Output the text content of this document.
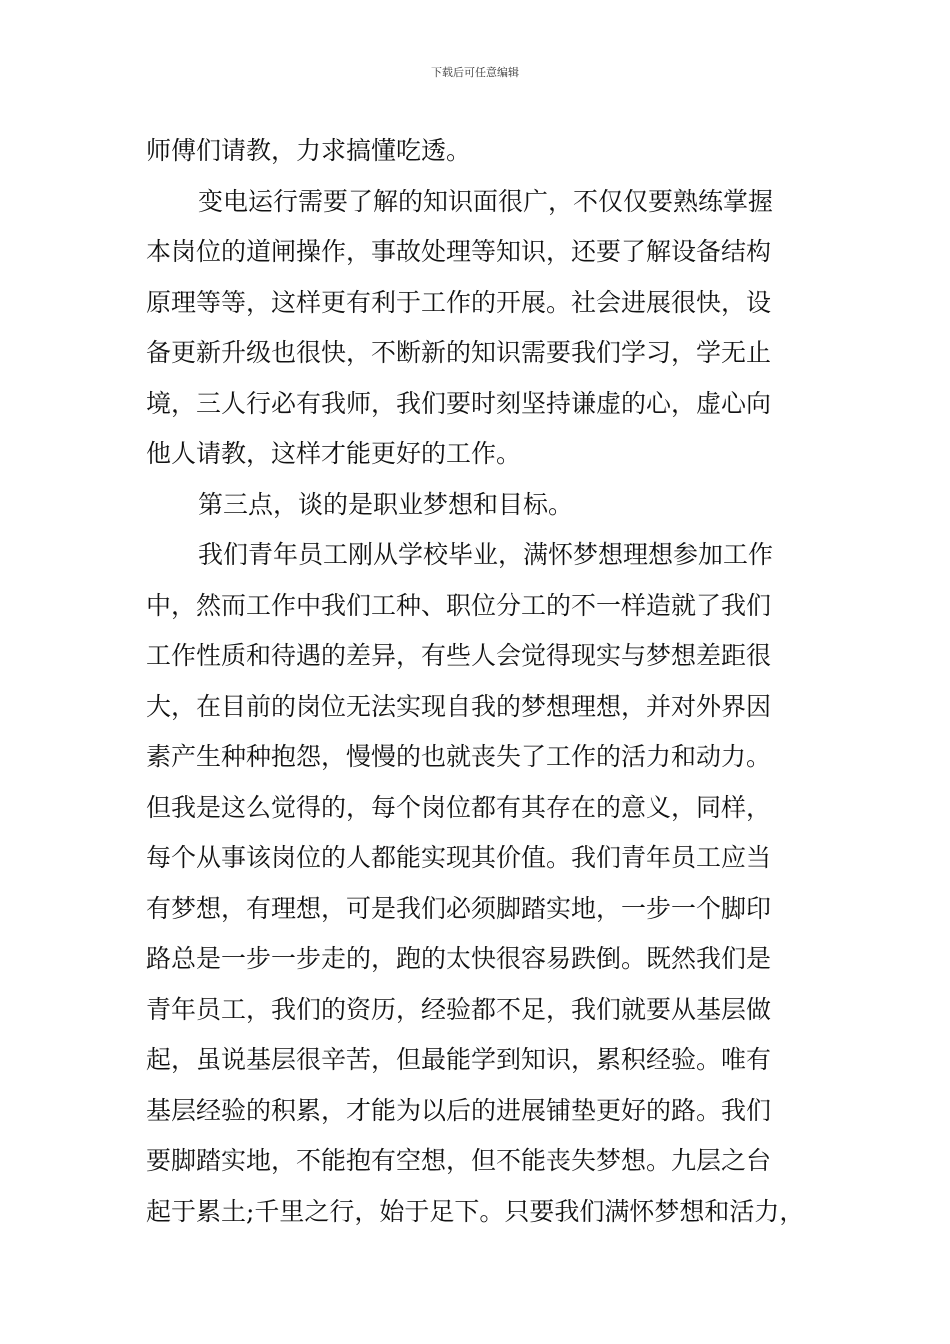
下载后可任意编辑
师傅们请教，力求搞懂吃透。
变电运行需要了解的知识面很广，不仅仅要熟练掌握
本岗位的道闸操作，事故处理等知识，还要了解设备结构
原理等等，这样更有利于工作的开展。社会进展很快，设
备更新升级也很快，不断新的知识需要我们学习，学无止
境，三人行必有我师，我们要时刻坚持谦虚的心，虚心向
他人请教，这样才能更好的工作。
第三点，谈的是职业梦想和目标。
我们青年员工刚从学校毕业，满怀梦想理想参加工作
中，然而工作中我们工种、职位分工的不一样造就了我们
工作性质和待遇的差异，有些人会觉得现实与梦想差距很
大，在目前的岗位无法实现自我的梦想理想，并对外界因
素产生种种抱怨，慢慢的也就丧失了工作的活力和动力。
但我是这么觉得的，每个岗位都有其存在的意义，同样，
每个从事该岗位的人都能实现其价值。我们青年员工应当
有梦想，有理想，可是我们必须脚踏实地，一步一个脚印
路总是一步一步走的，跑的太快很容易跌倒。既然我们是
青年员工，我们的资历，经验都不足，我们就要从基层做
起，虽说基层很辛苦，但最能学到知识，累积经验。唯有
基层经验的积累，才能为以后的进展铺垫更好的路。我们
要脚踏实地，不能抱有空想，但不能丧失梦想。九层之台
起于累土;千里之行，始于足下。只要我们满怀梦想和活力，
